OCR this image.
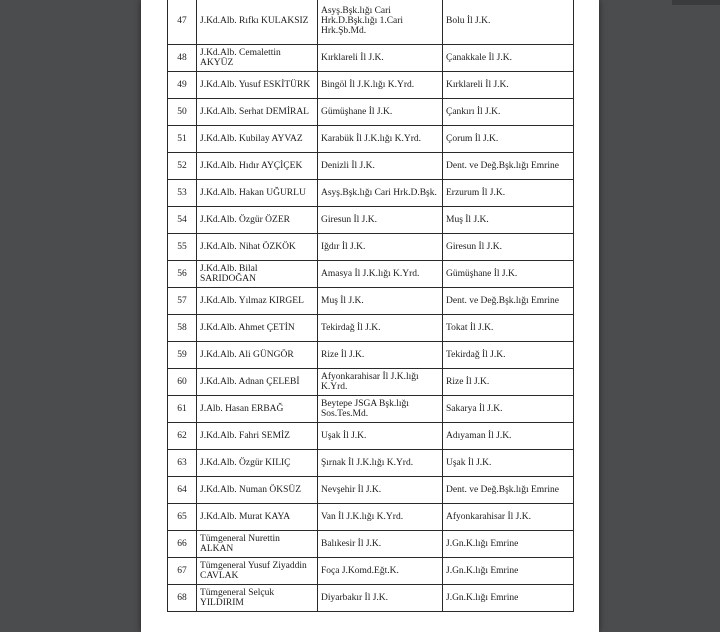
47	J.Kd.Alb. Rıfkı KULAKSIZ	Asyş.Bşk.lığı Cari Hrk.D.Bşk.lığı 1.Cari Hrk.Şb.Md.	Bolu İl J.K.
48	J.Kd.Alb. Cemalettin AKYÜZ	Kırklareli İl J.K.	Çanakkale İl J.K.
49	J.Kd.Alb. Yusuf ESKİTÜRK	Bingöl İl J.K.lığı K.Yrd.	Kırklareli İl J.K.
50	J.Kd.Alb. Serhat DEMİRAL	Gümüşhane İl J.K.	Çankırı İl J.K.
51	J.Kd.Alb. Kubilay AYVAZ	Karabük İl J.K.lığı K.Yrd.	Çorum İl J.K.
52	J.Kd.Alb. Hıdır AYÇİÇEK	Denizli İl J.K.	Dent. ve Değ.Bşk.lığı Emrine
53	J.Kd.Alb. Hakan UĞURLU	Asyş.Bşk.lığı Cari Hrk.D.Bşk.	Erzurum İl J.K.
54	J.Kd.Alb. Özgür ÖZER	Giresun İl J.K.	Muş İl J.K.
55	J.Kd.Alb. Nihat ÖZKÖK	Iğdır İl J.K.	Giresun İl J.K.
56	J.Kd.Alb. Bilal SARIDOĞAN	Amasya İl J.K.lığı K.Yrd.	Gümüşhane İl J.K.
57	J.Kd.Alb. Yılmaz KIRGEL	Muş İl J.K.	Dent. ve Değ.Bşk.lığı Emrine
58	J.Kd.Alb. Ahmet ÇETİN	Tekirdağ İl J.K.	Tokat İl J.K.
59	J.Kd.Alb. Ali GÜNGÖR	Rize İl J.K.	Tekirdağ İl J.K.
60	J.Kd.Alb. Adnan ÇELEBİ	Afyonkarahisar İl J.K.lığı K.Yrd.	Rize İl J.K.
61	J.Alb. Hasan ERBAĞ	Beytepe JSGA Bşk.lığı Sos.Tes.Md.	Sakarya İl J.K.
62	J.Kd.Alb. Fahri SEMİZ	Uşak İl J.K.	Adıyaman İl J.K.
63	J.Kd.Alb. Özgür KILIÇ	Şırnak İl J.K.lığı K.Yrd.	Uşak İl J.K.
64	J.Kd.Alb. Numan ÖKSÜZ	Nevşehir İl J.K.	Dent. ve Değ.Bşk.lığı Emrine
65	J.Kd.Alb. Murat KAYA	Van İl J.K.lığı K.Yrd.	Afyonkarahisar İl J.K.
66	Tümgeneral Nurettin ALKAN	Balıkesir İl J.K.	J.Gn.K.lığı Emrine
67	Tümgeneral Yusuf Ziyaddin CAVLAK	Foça J.Komd.Eğt.K.	J.Gn.K.lığı Emrine
68	Tümgeneral Selçuk YILDIRIM	Diyarbakır İl J.K.	J.Gn.K.lığı Emrine
